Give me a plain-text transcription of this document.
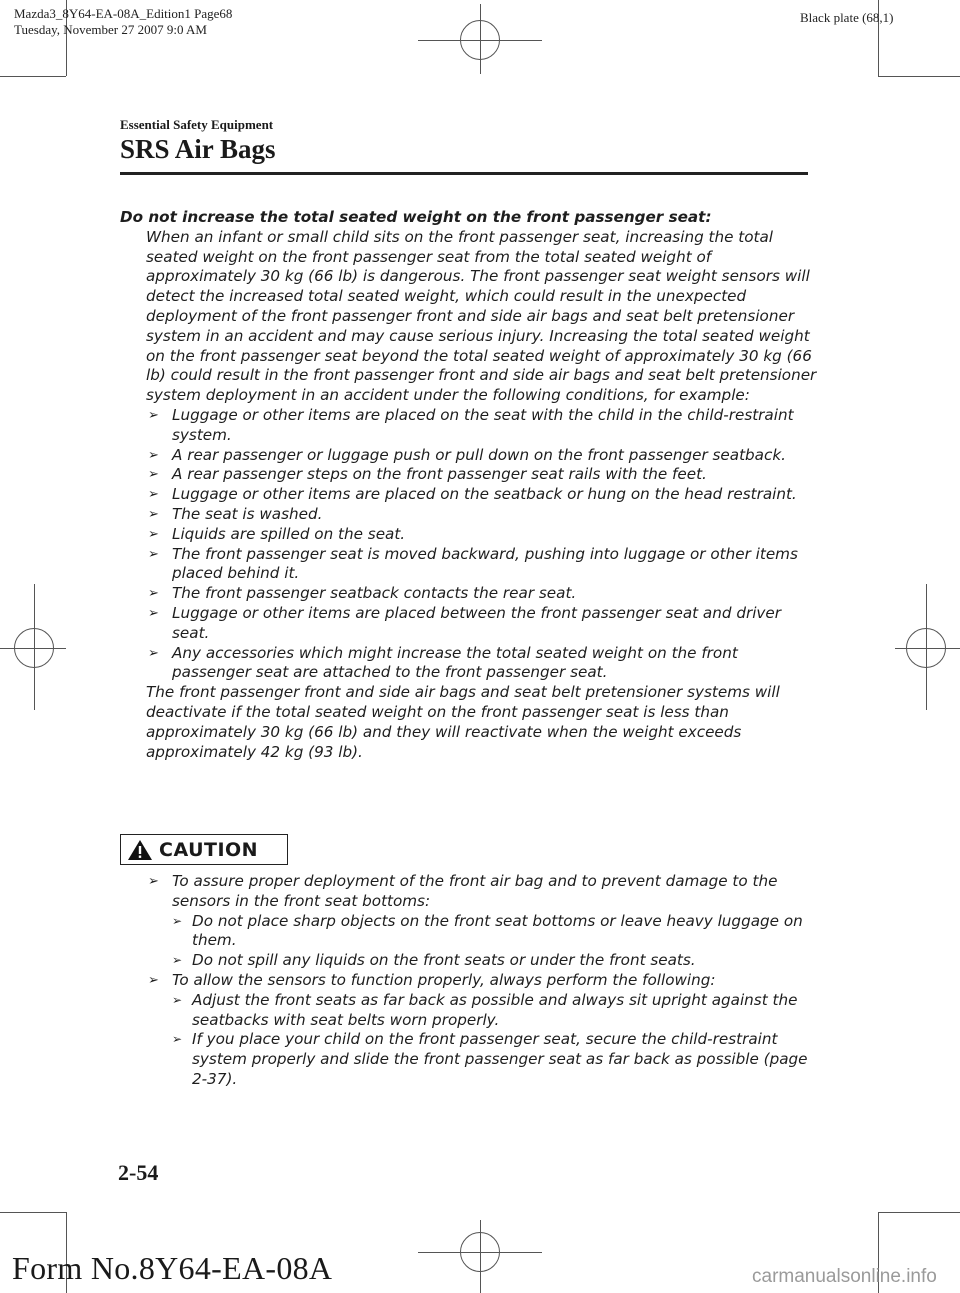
Mazda3_8Y64-EA-08A_Edition1 Page68
Tuesday, November 27 2007 9:0 AM
Black plate (68,1)
Essential Safety Equipment
SRS Air Bags

Do not increase the total seated weight on the front passenger seat:

When an infant or small child sits on the front passenger seat, increasing the total seated weight on the front passenger seat from the total seated weight of approximately 30 kg (66 lb) is dangerous. The front passenger seat weight sensors will detect the increased total seated weight, which could result in the unexpected deployment of the front passenger front and side air bags and seat belt pretensioner system in an accident and may cause serious injury. Increasing the total seated weight on the front passenger seat beyond the total seated weight of approximately 30 kg (66 lb) could result in the front passenger front and side air bags and seat belt pretensioner system deployment in an accident under the following conditions, for example:

➢ Luggage or other items are placed on the seat with the child in the child-restraint system.
➢ A rear passenger or luggage push or pull down on the front passenger seatback.
➢ A rear passenger steps on the front passenger seat rails with the feet.
➢ Luggage or other items are placed on the seatback or hung on the head restraint.
➢ The seat is washed.
➢ Liquids are spilled on the seat.
➢ The front passenger seat is moved backward, pushing into luggage or other items placed behind it.
➢ The front passenger seatback contacts the rear seat.
➢ Luggage or other items are placed between the front passenger seat and driver seat.
➢ Any accessories which might increase the total seated weight on the front passenger seat are attached to the front passenger seat.

The front passenger front and side air bags and seat belt pretensioner systems will deactivate if the total seated weight on the front passenger seat is less than approximately 30 kg (66 lb) and they will reactivate when the weight exceeds approximately 42 kg (93 lb).

CAUTION
➢ To assure proper deployment of the front air bag and to prevent damage to the sensors in the front seat bottoms:
➢ Do not place sharp objects on the front seat bottoms or leave heavy luggage on them.
➢ Do not spill any liquids on the front seats or under the front seats.
➢ To allow the sensors to function properly, always perform the following:
➢ Adjust the front seats as far back as possible and always sit upright against the seatbacks with seat belts worn properly.
➢ If you place your child on the front passenger seat, secure the child-restraint system properly and slide the front passenger seat as far back as possible (page 2-37).
2-54
Form No.8Y64-EA-08A	carmanualsonline.info
